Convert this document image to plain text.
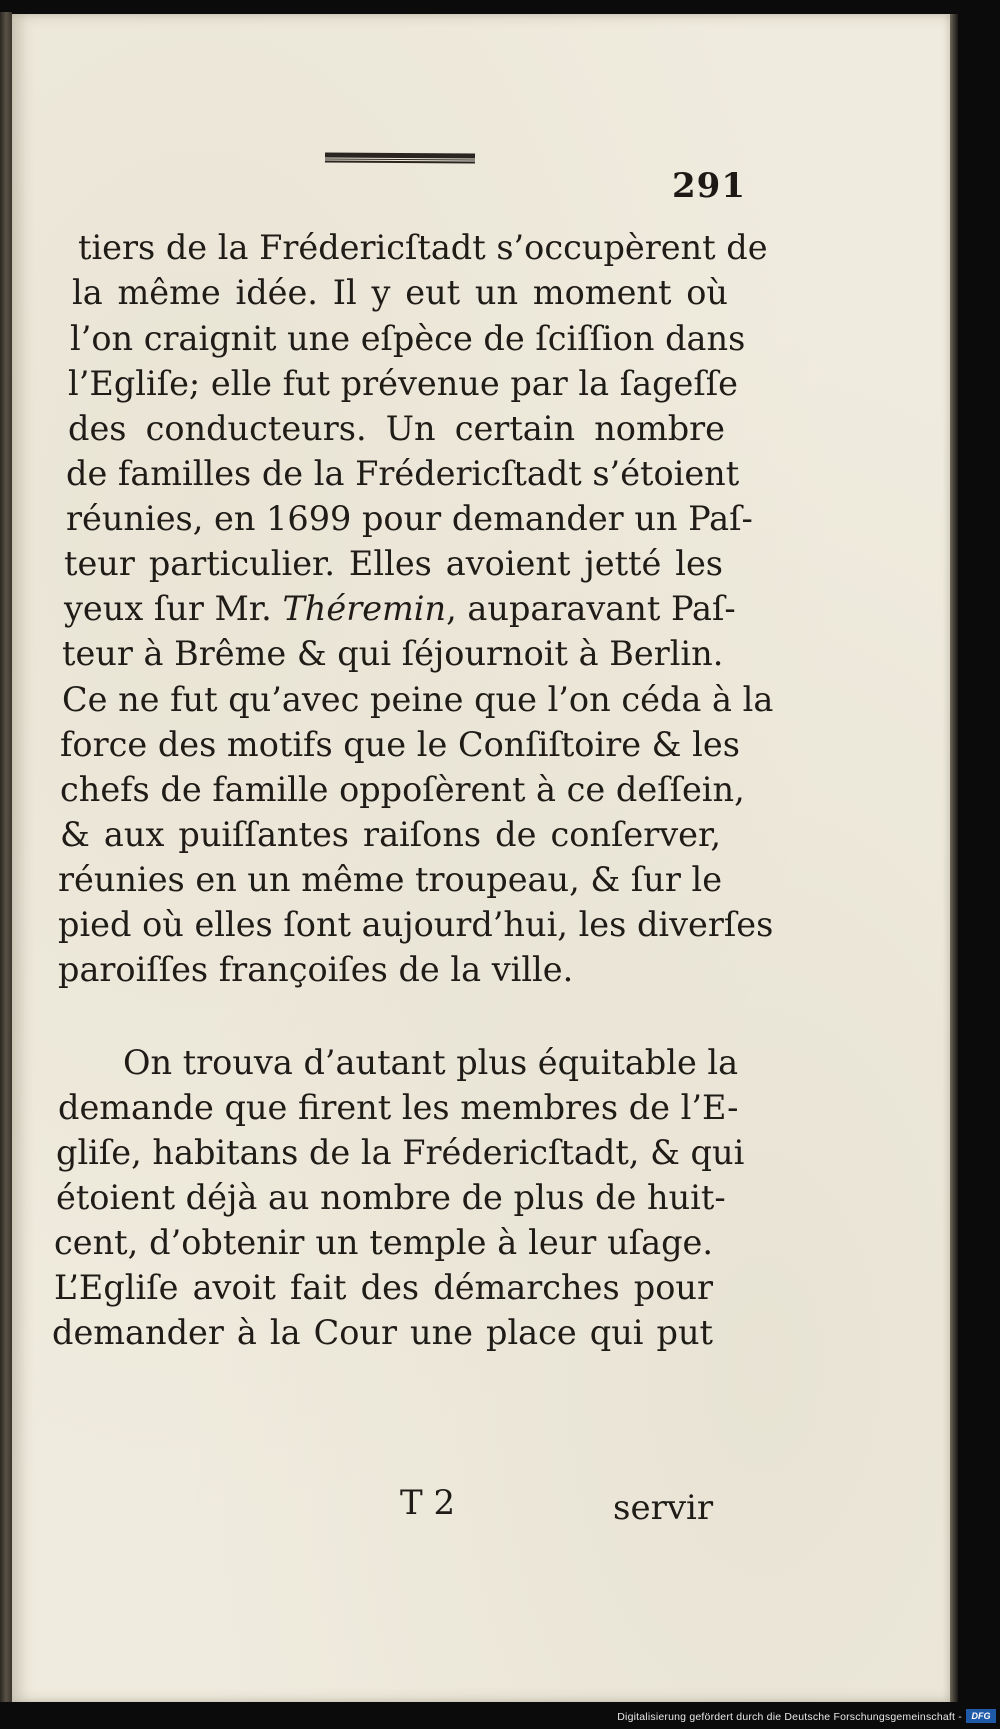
291
tiers de la Frédericſtadt s’occupèrent de
la même idée. Il y eut un moment où
l’on craignit une eſpèce de ſciſſion dans
l’Egliſe; elle fut prévenue par la ſageſſe
des conducteurs. Un certain nombre
de familles de la Frédericſtadt s’étoient
réunies, en 1699 pour demander un Paſ-
teur particulier. Elles avoient jetté les
yeux ſur Mr. Théremin, auparavant Paſ-
teur à Brême & qui ſéjournoit à Berlin.
Ce ne fut qu’avec peine que l’on céda à la
force des motifs que le Conſiſtoire & les
chefs de famille oppoſèrent à ce deſſein,
& aux puiſſantes raiſons de conſerver,
réunies en un même troupeau, & ſur le
pied où elles ſont aujourd’hui, les diverſes
paroiſſes françoiſes de la ville.
On trouva d’autant plus équitable la
demande que firent les membres de l’E-
gliſe, habitans de la Frédericſtadt, & qui
étoient déjà au nombre de plus de huit-
cent, d’obtenir un temple à leur uſage.
L’Egliſe avoit fait des démarches pour
demander à la Cour une place qui put
T 2	servir
Digitalisierung gefördert durch die Deutsche Forschungsgemeinschaft -	DFG
